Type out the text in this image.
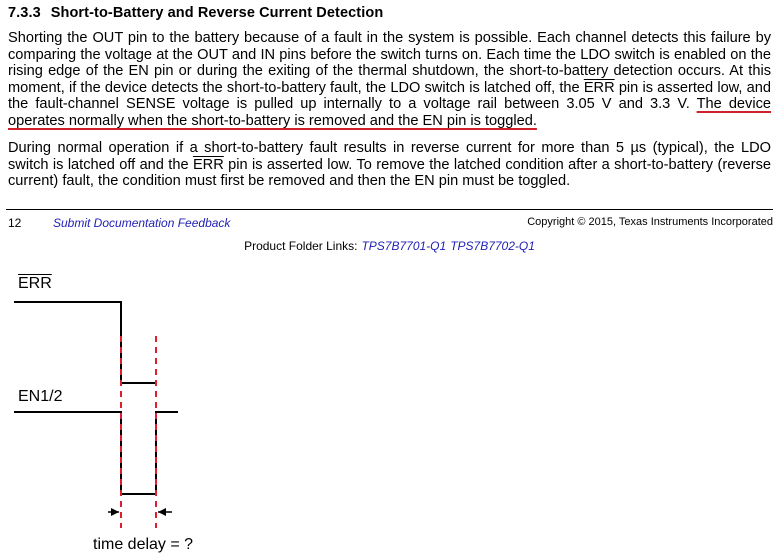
7.3.3 Short-to-Battery and Reverse Current Detection
Shorting the OUT pin to the battery because of a fault in the system is possible. Each channel detects this failure by comparing the voltage at the OUT and IN pins before the switch turns on. Each time the LDO switch is enabled on the rising edge of the EN pin or during the exiting of the thermal shutdown, the short-to-battery detection occurs. At this moment, if the device detects the short-to-battery fault, the LDO switch is latched off, the $\overline{ERR}$ pin is asserted low, and the fault-channel SENSE voltage is pulled up internally to a voltage rail between 3.05 V and 3.3 V. The device operates normally when the short-to-battery is removed and the EN pin is toggled.
During normal operation if a short-to-battery fault results in reverse current for more than 5 µs (typical), the LDO switch is latched off and the $\overline{ERR}$ pin is asserted low. To remove the latched condition after a short-to-battery (reverse current) fault, the condition must first be removed and then the EN pin must be toggled.
12	Submit Documentation Feedback	Copyright © 2015, Texas Instruments Incorporated
Product Folder Links: TPS7B7701-Q1 TPS7B7702-Q1
$\overline{ERR}$
EN1/2
time delay = ?
